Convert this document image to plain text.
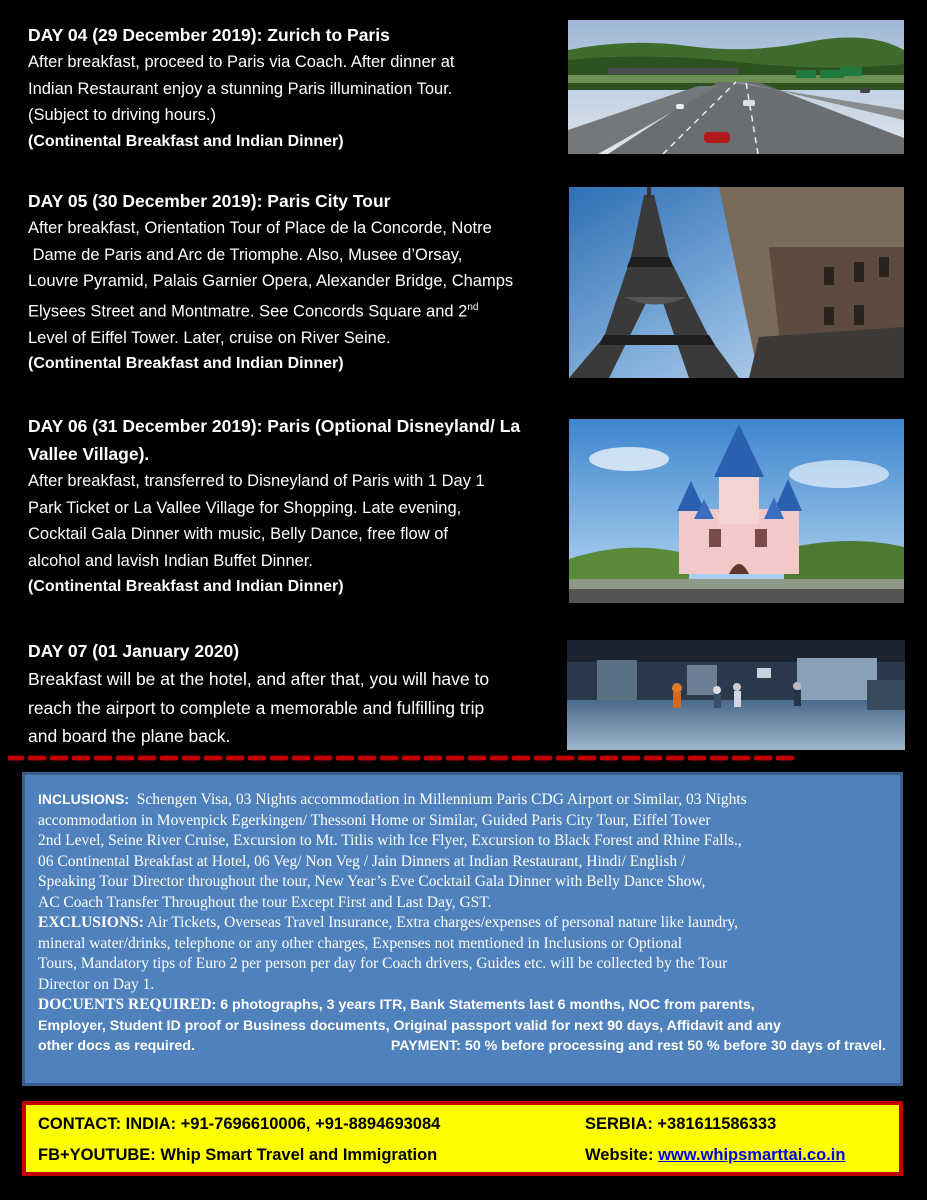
DAY 04 (29 December 2019): Zurich to Paris

After breakfast, proceed to Paris via Coach. After dinner at

Indian Restaurant enjoy a stunning Paris illumination Tour.

(Subject to driving hours.)

(Continental Breakfast and Indian Dinner)

DAY 05 (30 December 2019): Paris City Tour

After breakfast, Orientation Tour of Place de la Concorde, Notre

Dame de Paris and Arc de Triomphe. Also, Musee d’Orsay,

Louvre Pyramid, Palais Garnier Opera, Alexander Bridge, Champs

Elysees Street and Montmatre. See Concords Square and 2nd

Level of Eiffel Tower. Later, cruise on River Seine.

(Continental Breakfast and Indian Dinner)

DAY 06 (31 December 2019): Paris (Optional Disneyland/ La
Vallee Village).

After breakfast, transferred to Disneyland of Paris with 1 Day 1

Park Ticket or La Vallee Village for Shopping. Late evening,

Cocktail Gala Dinner with music, Belly Dance, free flow of

alcohol and lavish Indian Buffet Dinner.

(Continental Breakfast and Indian Dinner)

DAY 07 (01 January 2020)

Breakfast will be at the hotel, and after that, you will have to

reach the airport to complete a memorable and fulfilling trip

and board the plane back.

INCLUSIONS: Schengen Visa, 03 Nights accommodation in Millennium Paris CDG Airport or Similar, 03 Nights

accommodation in Movenpick Egerkingen/ Thessoni Home or Similar, Guided Paris City Tour, Eiffel Tower

2nd Level, Seine River Cruise, Excursion to Mt. Titlis with Ice Flyer, Excursion to Black Forest and Rhine Falls.,

06 Continental Breakfast at Hotel, 06 Veg/ Non Veg / Jain Dinners at Indian Restaurant, Hindi/ English /

Speaking Tour Director throughout the tour, New Year’s Eve Cocktail Gala Dinner with Belly Dance Show,

AC Coach Transfer Throughout the tour Except First and Last Day, GST.

EXCLUSIONS: Air Tickets, Overseas Travel Insurance, Extra charges/expenses of personal nature like laundry,

mineral water/drinks, telephone or any other charges, Expenses not mentioned in Inclusions or Optional

Tours, Mandatory tips of Euro 2 per person per day for Coach drivers, Guides etc. will be collected by the Tour

Director on Day 1.

DOCUENTS REQUIRED: 6 photographs, 3 years ITR, Bank Statements last 6 months, NOC from parents,

Employer, Student ID proof or Business documents, Original passport valid for next 90 days, Affidavit and any

other docs as required.	PAYMENT: 50 % before processing and rest 50 % before 30 days of travel.

CONTACT: INDIA: +91-7696610006, +91-8894693084	SERBIA: +381611586333
FB+YOUTUBE: Whip Smart Travel and Immigration	Website: www.whipsmarttai.co.in
